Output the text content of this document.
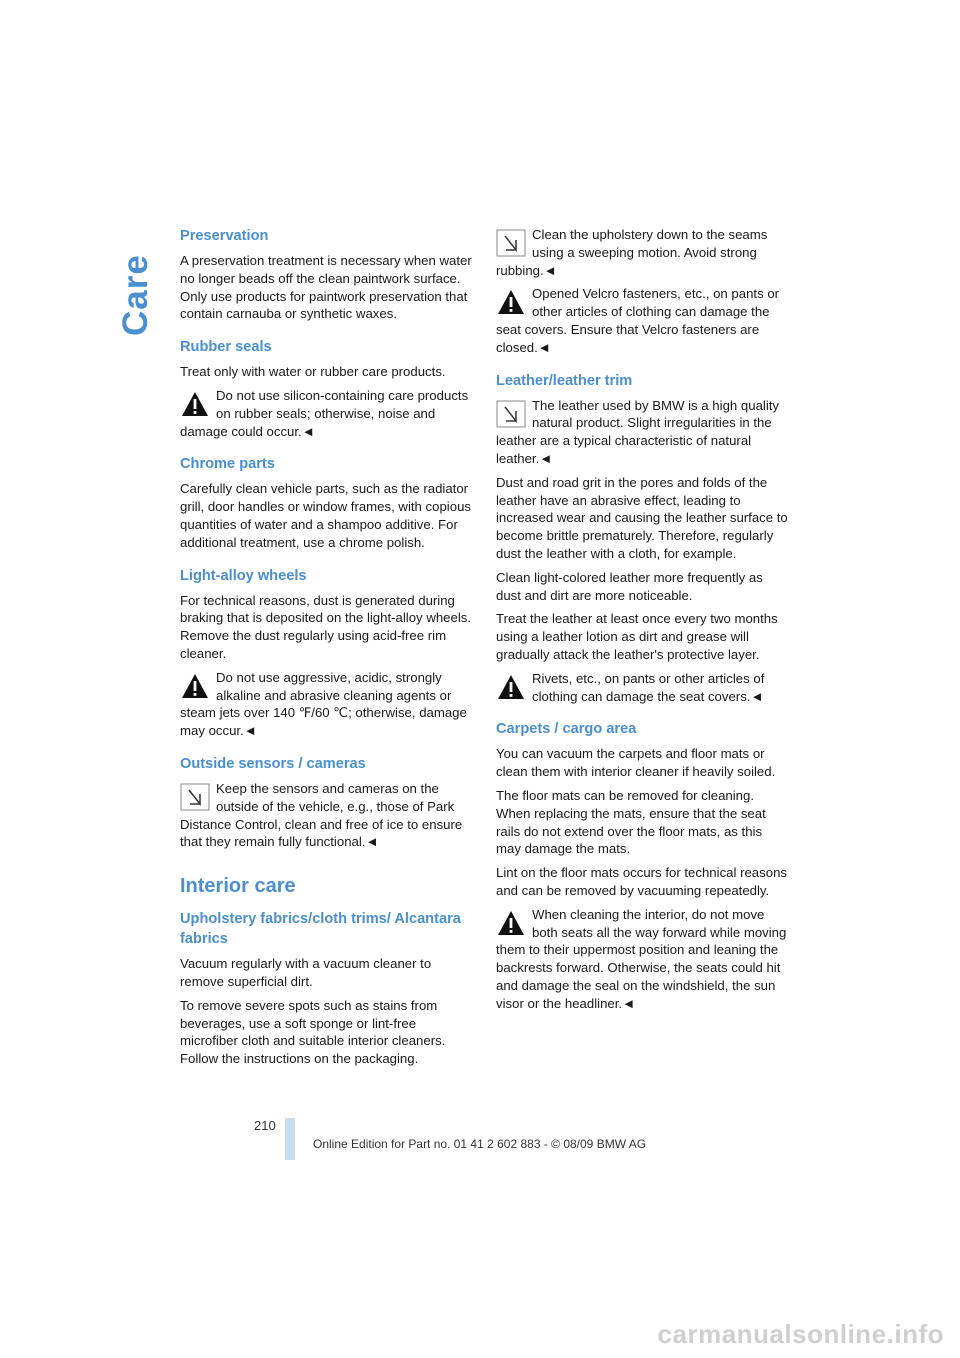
Care
Preservation

A preservation treatment is necessary when water no longer beads off the clean paintwork surface. Only use products for paintwork preservation that contain carnauba or synthetic waxes.

Rubber seals

Treat only with water or rubber care products.

Do not use silicon-containing care products on rubber seals; otherwise, noise and damage could occur.◄
Chrome parts

Carefully clean vehicle parts, such as the radiator grill, door handles or window frames, with copious quantities of water and a shampoo additive. For additional treatment, use a chrome polish.

Light-alloy wheels

For technical reasons, dust is generated during braking that is deposited on the light-alloy wheels. Remove the dust regularly using acid-free rim cleaner.

Do not use aggressive, acidic, strongly alkaline and abrasive cleaning agents or steam jets over 140 ℉/60 ℃; otherwise, damage may occur.◄
Outside sensors / cameras
Keep the sensors and cameras on the outside of the vehicle, e.g., those of Park Distance Control, clean and free of ice to ensure that they remain fully functional.◄
Interior care
Upholstery fabrics/cloth trims/ Alcantara fabrics

Vacuum regularly with a vacuum cleaner to remove superficial dirt.

To remove severe spots such as stains from beverages, use a soft sponge or lint-free microfiber cloth and suitable interior cleaners. Follow the instructions on the packaging.

Clean the upholstery down to the seams using a sweeping motion. Avoid strong rubbing.◄
Opened Velcro fasteners, etc., on pants or other articles of clothing can damage the seat covers. Ensure that Velcro fasteners are closed.◄
Leather/leather trim
The leather used by BMW is a high quality natural product. Slight irregularities in the leather are a typical characteristic of natural leather.◄

Dust and road grit in the pores and folds of the leather have an abrasive effect, leading to increased wear and causing the leather surface to become brittle prematurely. Therefore, regularly dust the leather with a cloth, for example.

Clean light-colored leather more frequently as dust and dirt are more noticeable.

Treat the leather at least once every two months using a leather lotion as dirt and grease will gradually attack the leather's protective layer.

Rivets, etc., on pants or other articles of clothing can damage the seat covers.◄
Carpets / cargo area

You can vacuum the carpets and floor mats or clean them with interior cleaner if heavily soiled.

The floor mats can be removed for cleaning. When replacing the mats, ensure that the seat rails do not extend over the floor mats, as this may damage the mats.

Lint on the floor mats occurs for technical reasons and can be removed by vacuuming repeatedly.

When cleaning the interior, do not move both seats all the way forward while moving them to their uppermost position and leaning the backrests forward. Otherwise, the seats could hit and damage the seal on the windshield, the sun visor or the headliner.◄
210
Online Edition for Part no. 01 41 2 602 883 - © 08/09 BMW AG
carmanualsonline.info
